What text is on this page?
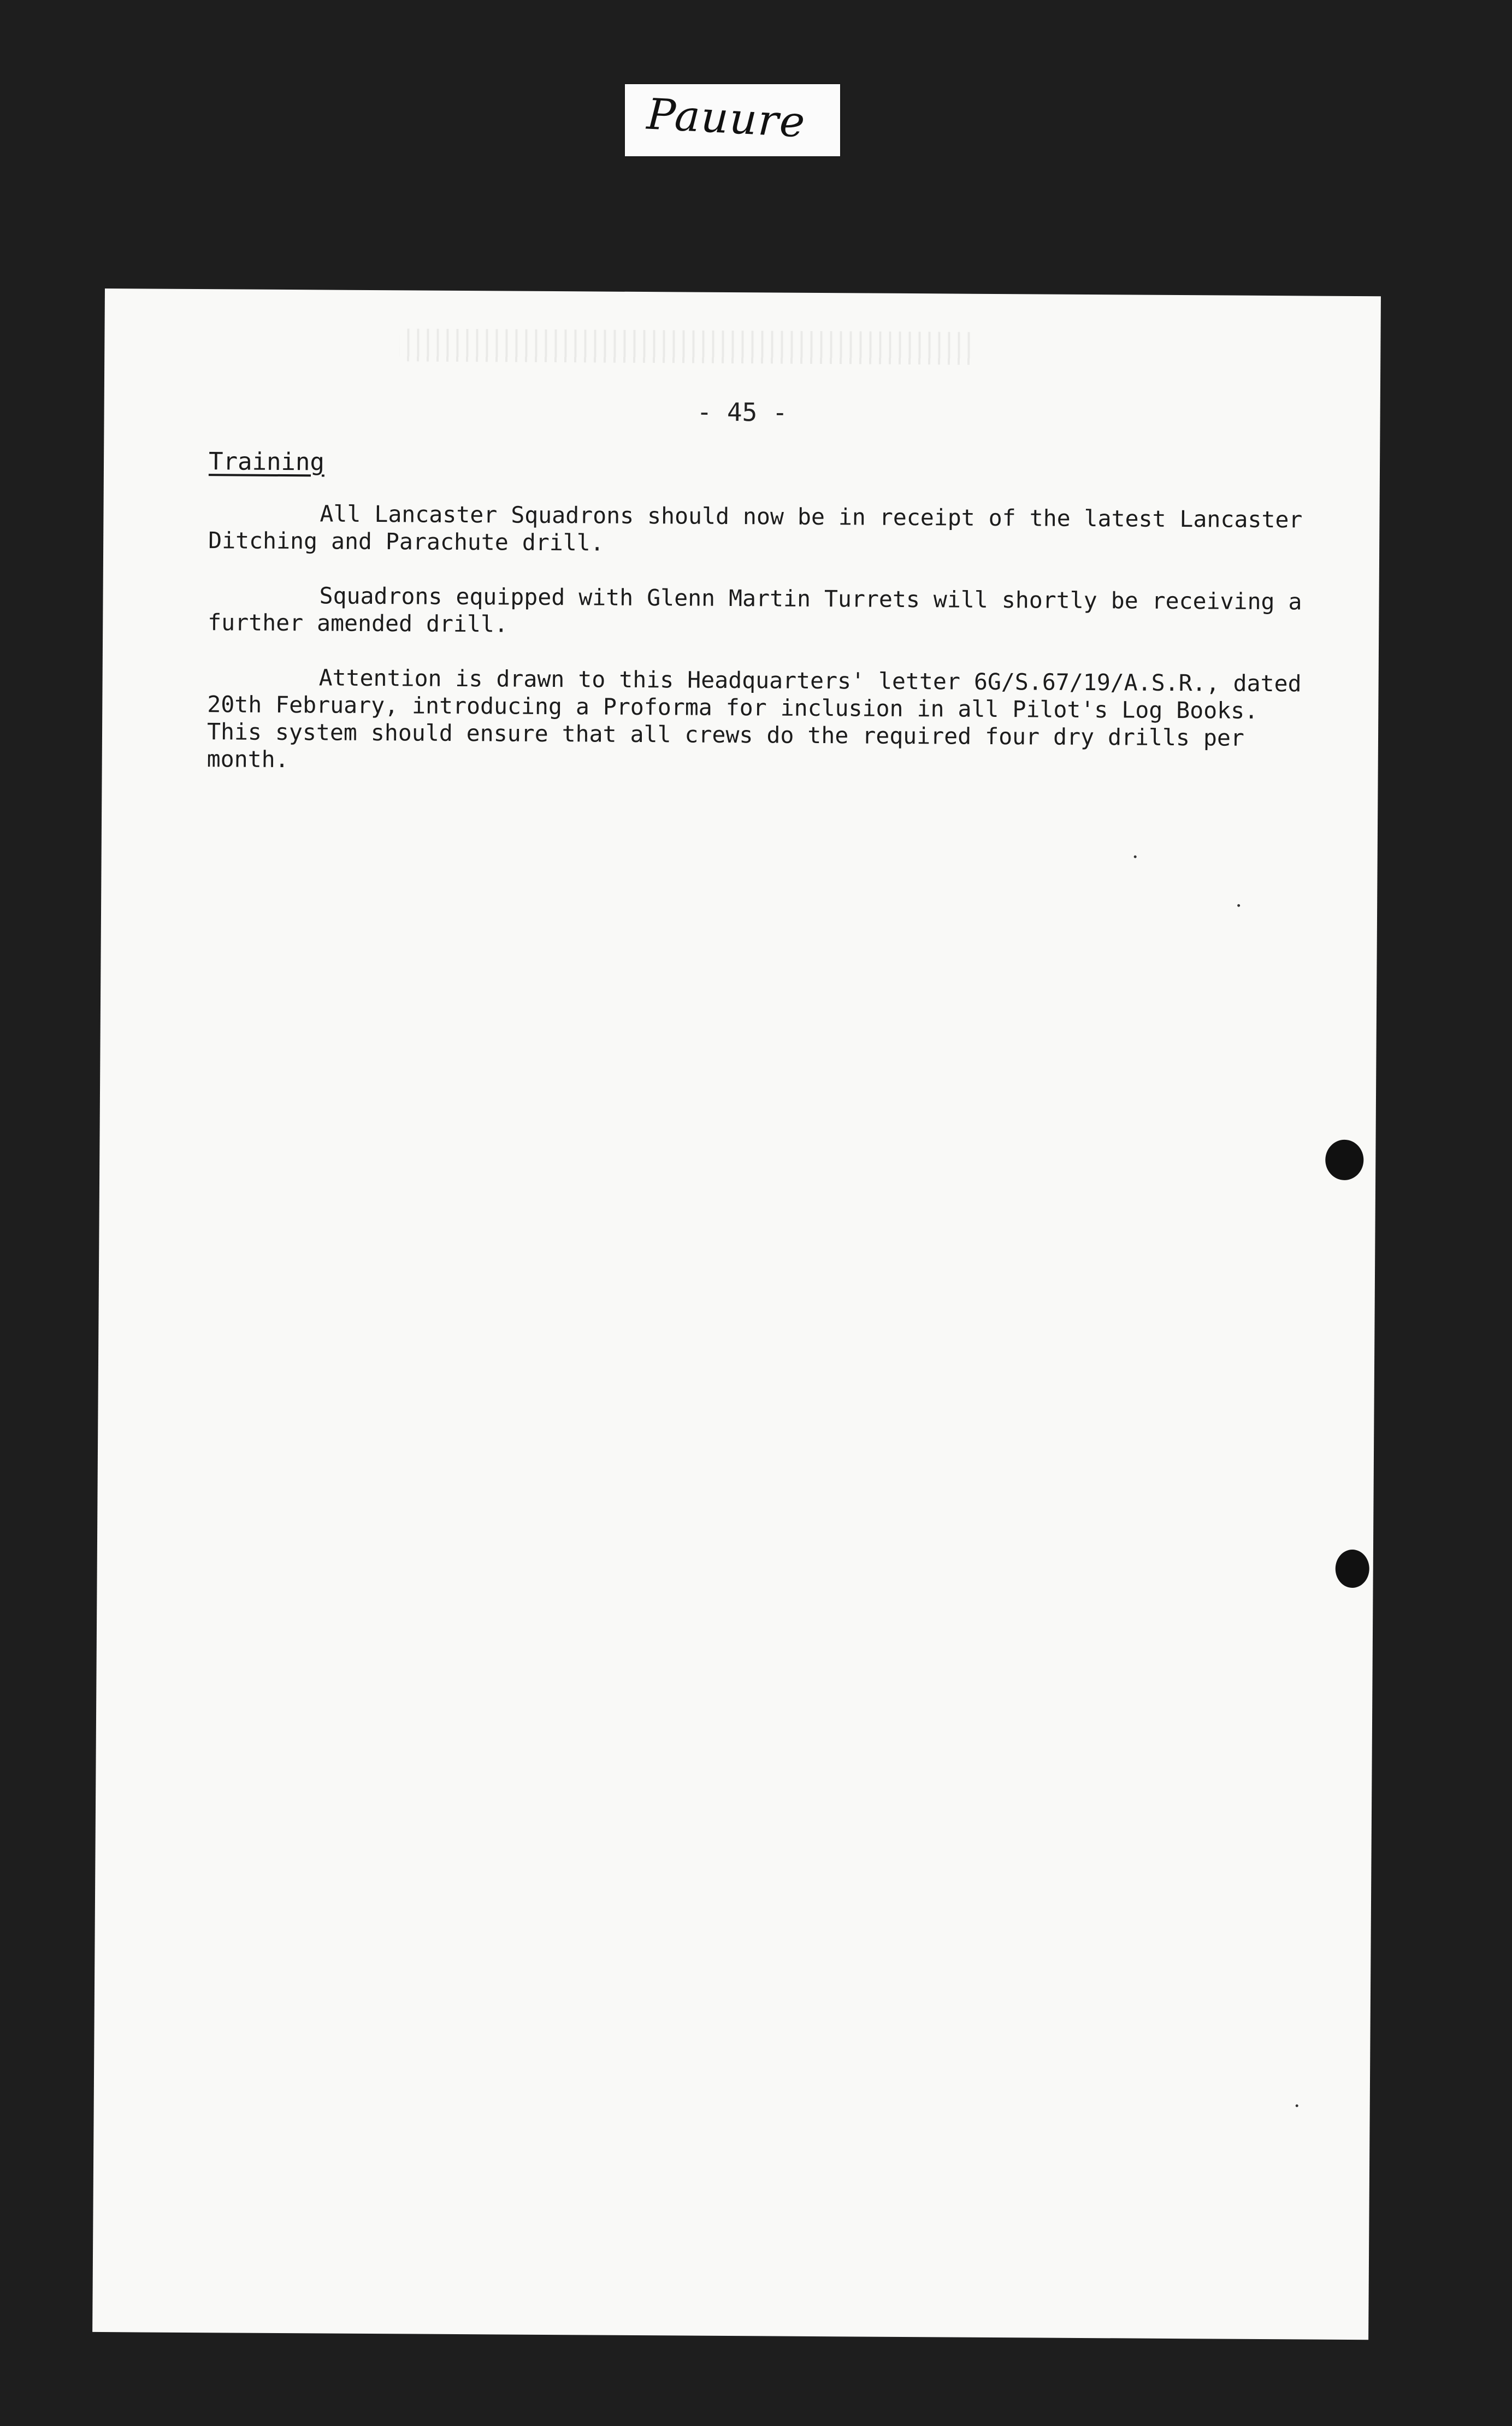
Pauure
- 45 -
Training

All Lancaster Squadrons should now be in receipt of the latest Lancaster
Ditching and Parachute drill.

Squadrons equipped with Glenn Martin Turrets will shortly be receiving a
further amended drill.

Attention is drawn to this Headquarters' letter 6G/S.67/19/A.S.R., dated
20th February, introducing a Proforma for inclusion in all Pilot's Log Books.
This system should ensure that all crews do the required four dry drills per
month.
